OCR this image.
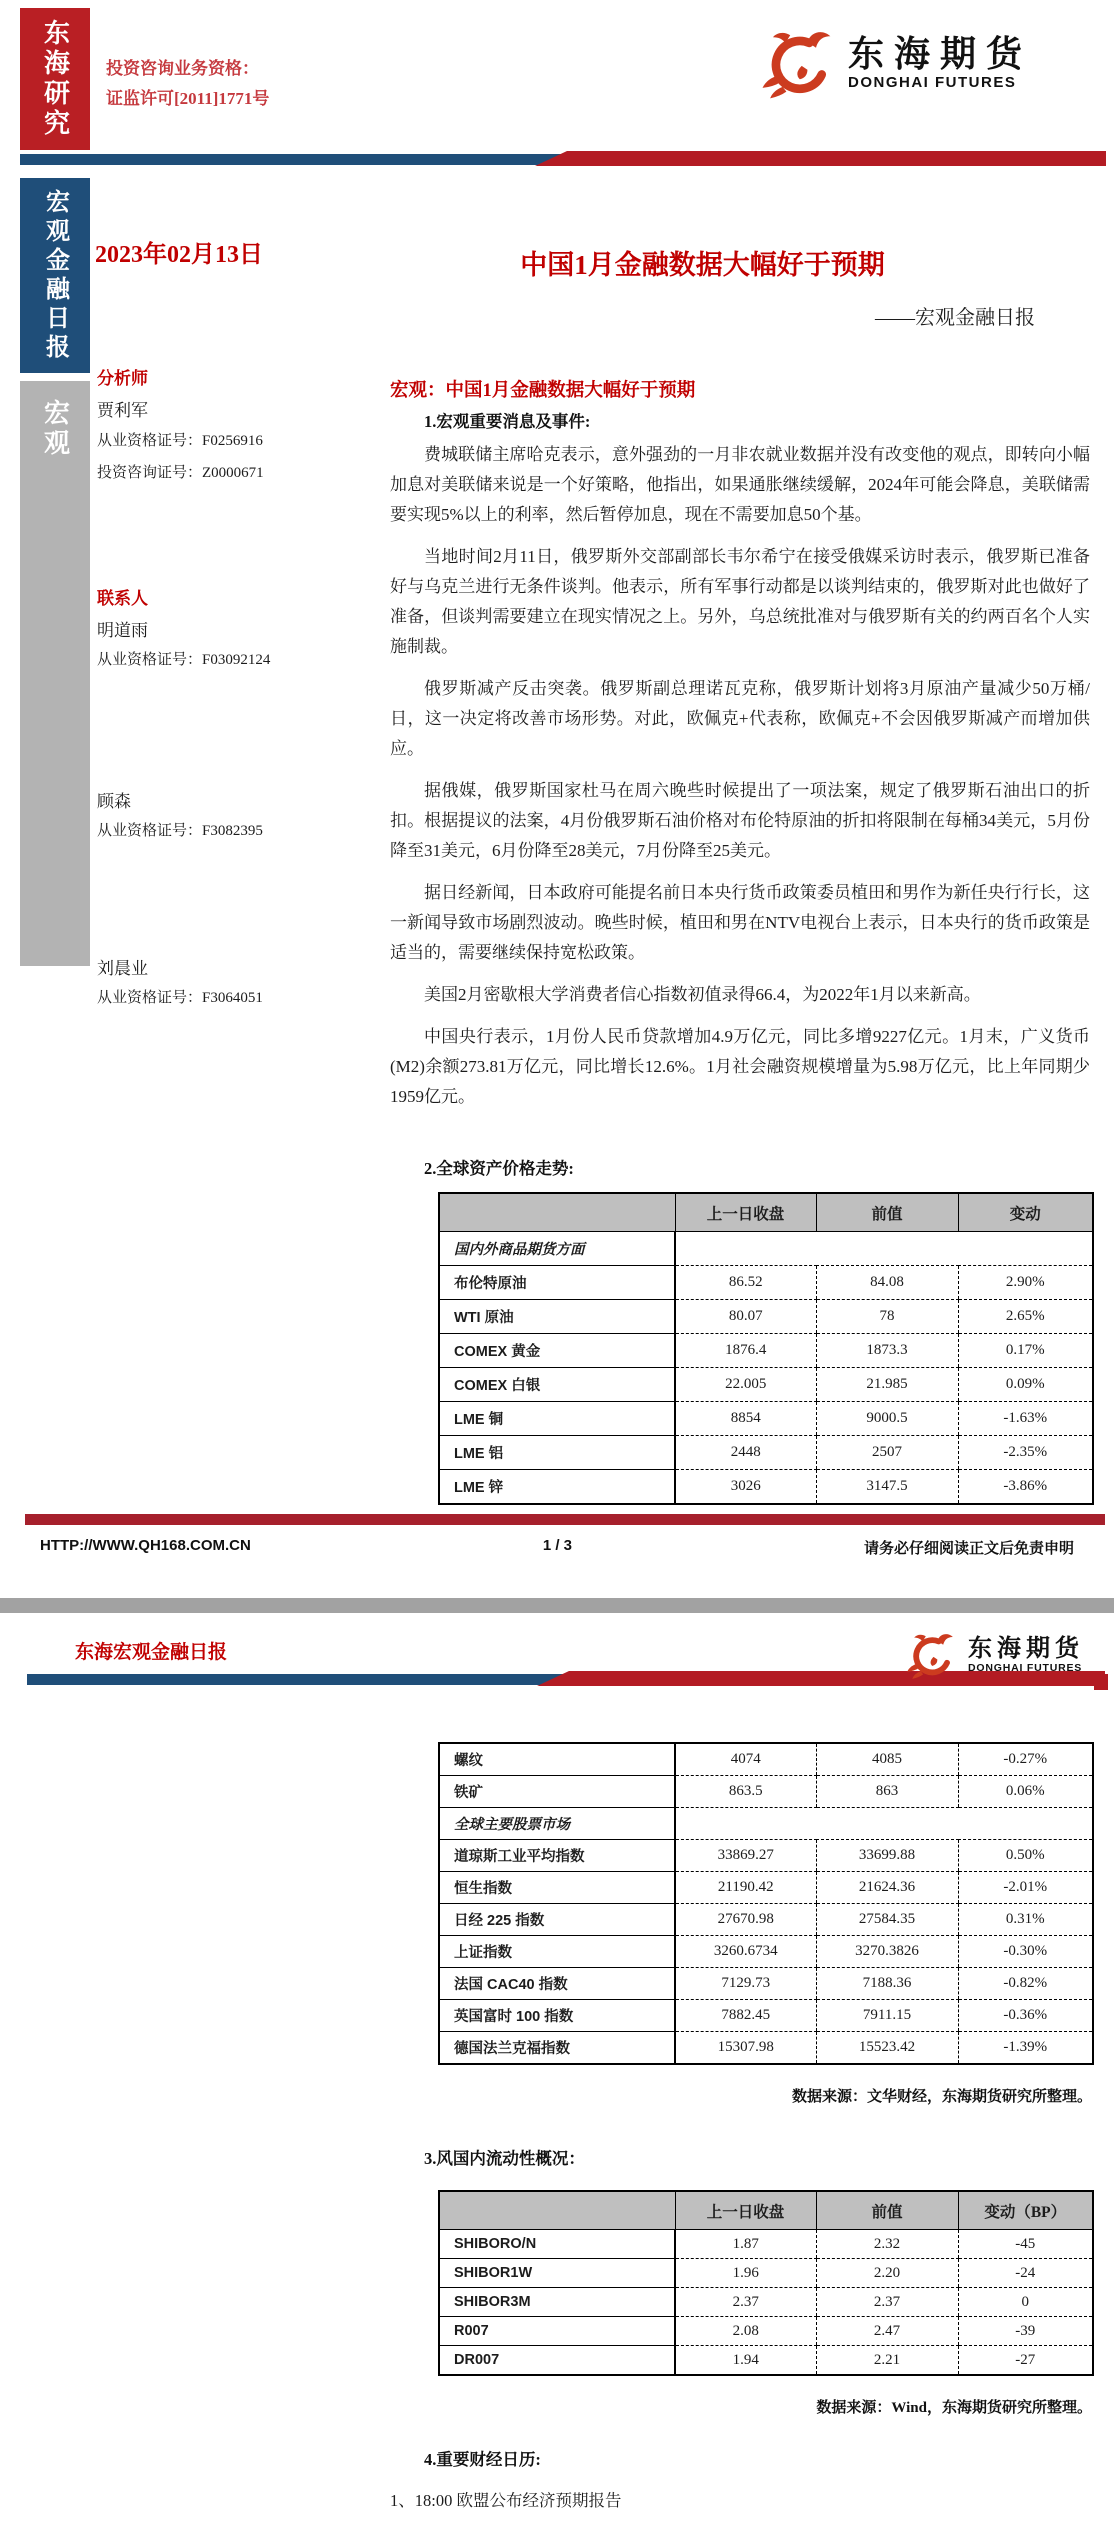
东海研究 投资咨询业务资格：
证监许可[2011]1771号
东海期货
DONGHAI FUTURES
宏观金融日报
宏观
2023年02月13日	中国1月金融数据大幅好于预期
——宏观金融日报
分析师
贾利军
从业资格证号：F0256916
投资咨询证号：Z0000671
联系人
明道雨
从业资格证号：F03092124
顾森
从业资格证号：F3082395
刘晨业
从业资格证号：F3064051
宏观：中国1月金融数据大幅好于预期
1.宏观重要消息及事件:

费城联储主席哈克表示，意外强劲的一月非农就业数据并没有改变他的观点，即转向小幅加息对美联储来说是一个好策略，他指出，如果通胀继续缓解，2024年可能会降息，美联储需要实现5%以上的利率，然后暂停加息，现在不需要加息50个基。

当地时间2月11日，俄罗斯外交部副部长韦尔希宁在接受俄媒采访时表示，俄罗斯已准备好与乌克兰进行无条件谈判。他表示，所有军事行动都是以谈判结束的，俄罗斯对此也做好了准备，但谈判需要建立在现实情况之上。另外，乌总统批准对与俄罗斯有关的约两百名个人实施制裁。

俄罗斯减产反击突袭。俄罗斯副总理诺瓦克称，俄罗斯计划将3月原油产量减少50万桶/日，这一决定将改善市场形势。对此，欧佩克+代表称，欧佩克+不会因俄罗斯减产而增加供应。

据俄媒，俄罗斯国家杜马在周六晚些时候提出了一项法案，规定了俄罗斯石油出口的折扣。根据提议的法案，4月份俄罗斯石油价格对布伦特原油的折扣将限制在每桶34美元，5月份降至31美元，6月份降至28美元，7月份降至25美元。

据日经新闻，日本政府可能提名前日本央行货币政策委员植田和男作为新任央行行长，这一新闻导致市场剧烈波动。晚些时候，植田和男在NTV电视台上表示，日本央行的货币政策是适当的，需要继续保持宽松政策。

美国2月密歇根大学消费者信心指数初值录得66.4，为2022年1月以来新高。

中国央行表示，1月份人民币贷款增加4.9万亿元，同比多增9227亿元。1月末，广义货币(M2)余额273.81万亿元，同比增长12.6%。1月社会融资规模增量为5.98万亿元，比上年同期少1959亿元。

2.全球资产价格走势:
	上一日收盘	前值	变动
国内外商品期货方面			
布伦特原油	86.52	84.08	2.90%
WTI 原油	80.07	78	2.65%
COMEX 黄金	1876.4	1873.3	0.17%
COMEX 白银	22.005	21.985	0.09%
LME 铜	8854	9000.5	-1.63%
LME 铝	2448	2507	-2.35%
LME 锌	3026	3147.5	-3.86%
HTTP://WWW.QH168.COM.CN	1 / 3	请务必仔细阅读正文后免责申明
东海宏观金融日报	东海期货
DONGHAI FUTURES
螺纹	4074	4085	-0.27%
铁矿	863.5	863	0.06%
全球主要股票市场			
道琼斯工业平均指数	33869.27	33699.88	0.50%
恒生指数	21190.42	21624.36	-2.01%
日经 225 指数	27670.98	27584.35	0.31%
上证指数	3260.6734	3270.3826	-0.30%
法国 CAC40 指数	7129.73	7188.36	-0.82%
英国富时 100 指数	7882.45	7911.15	-0.36%
德国法兰克福指数	15307.98	15523.42	-1.39%
数据来源：文华财经，东海期货研究所整理。
3.风国内流动性概况：
	上一日收盘	前值	变动（BP）
SHIBORO/N	1.87	2.32	-45
SHIBOR1W	1.96	2.20	-24
SHIBOR3M	2.37	2.37	0
R007	2.08	2.47	-39
DR007	1.94	2.21	-27
数据来源：Wind，东海期货研究所整理。
4.重要财经日历:
1、18:00 欧盟公布经济预期报告
